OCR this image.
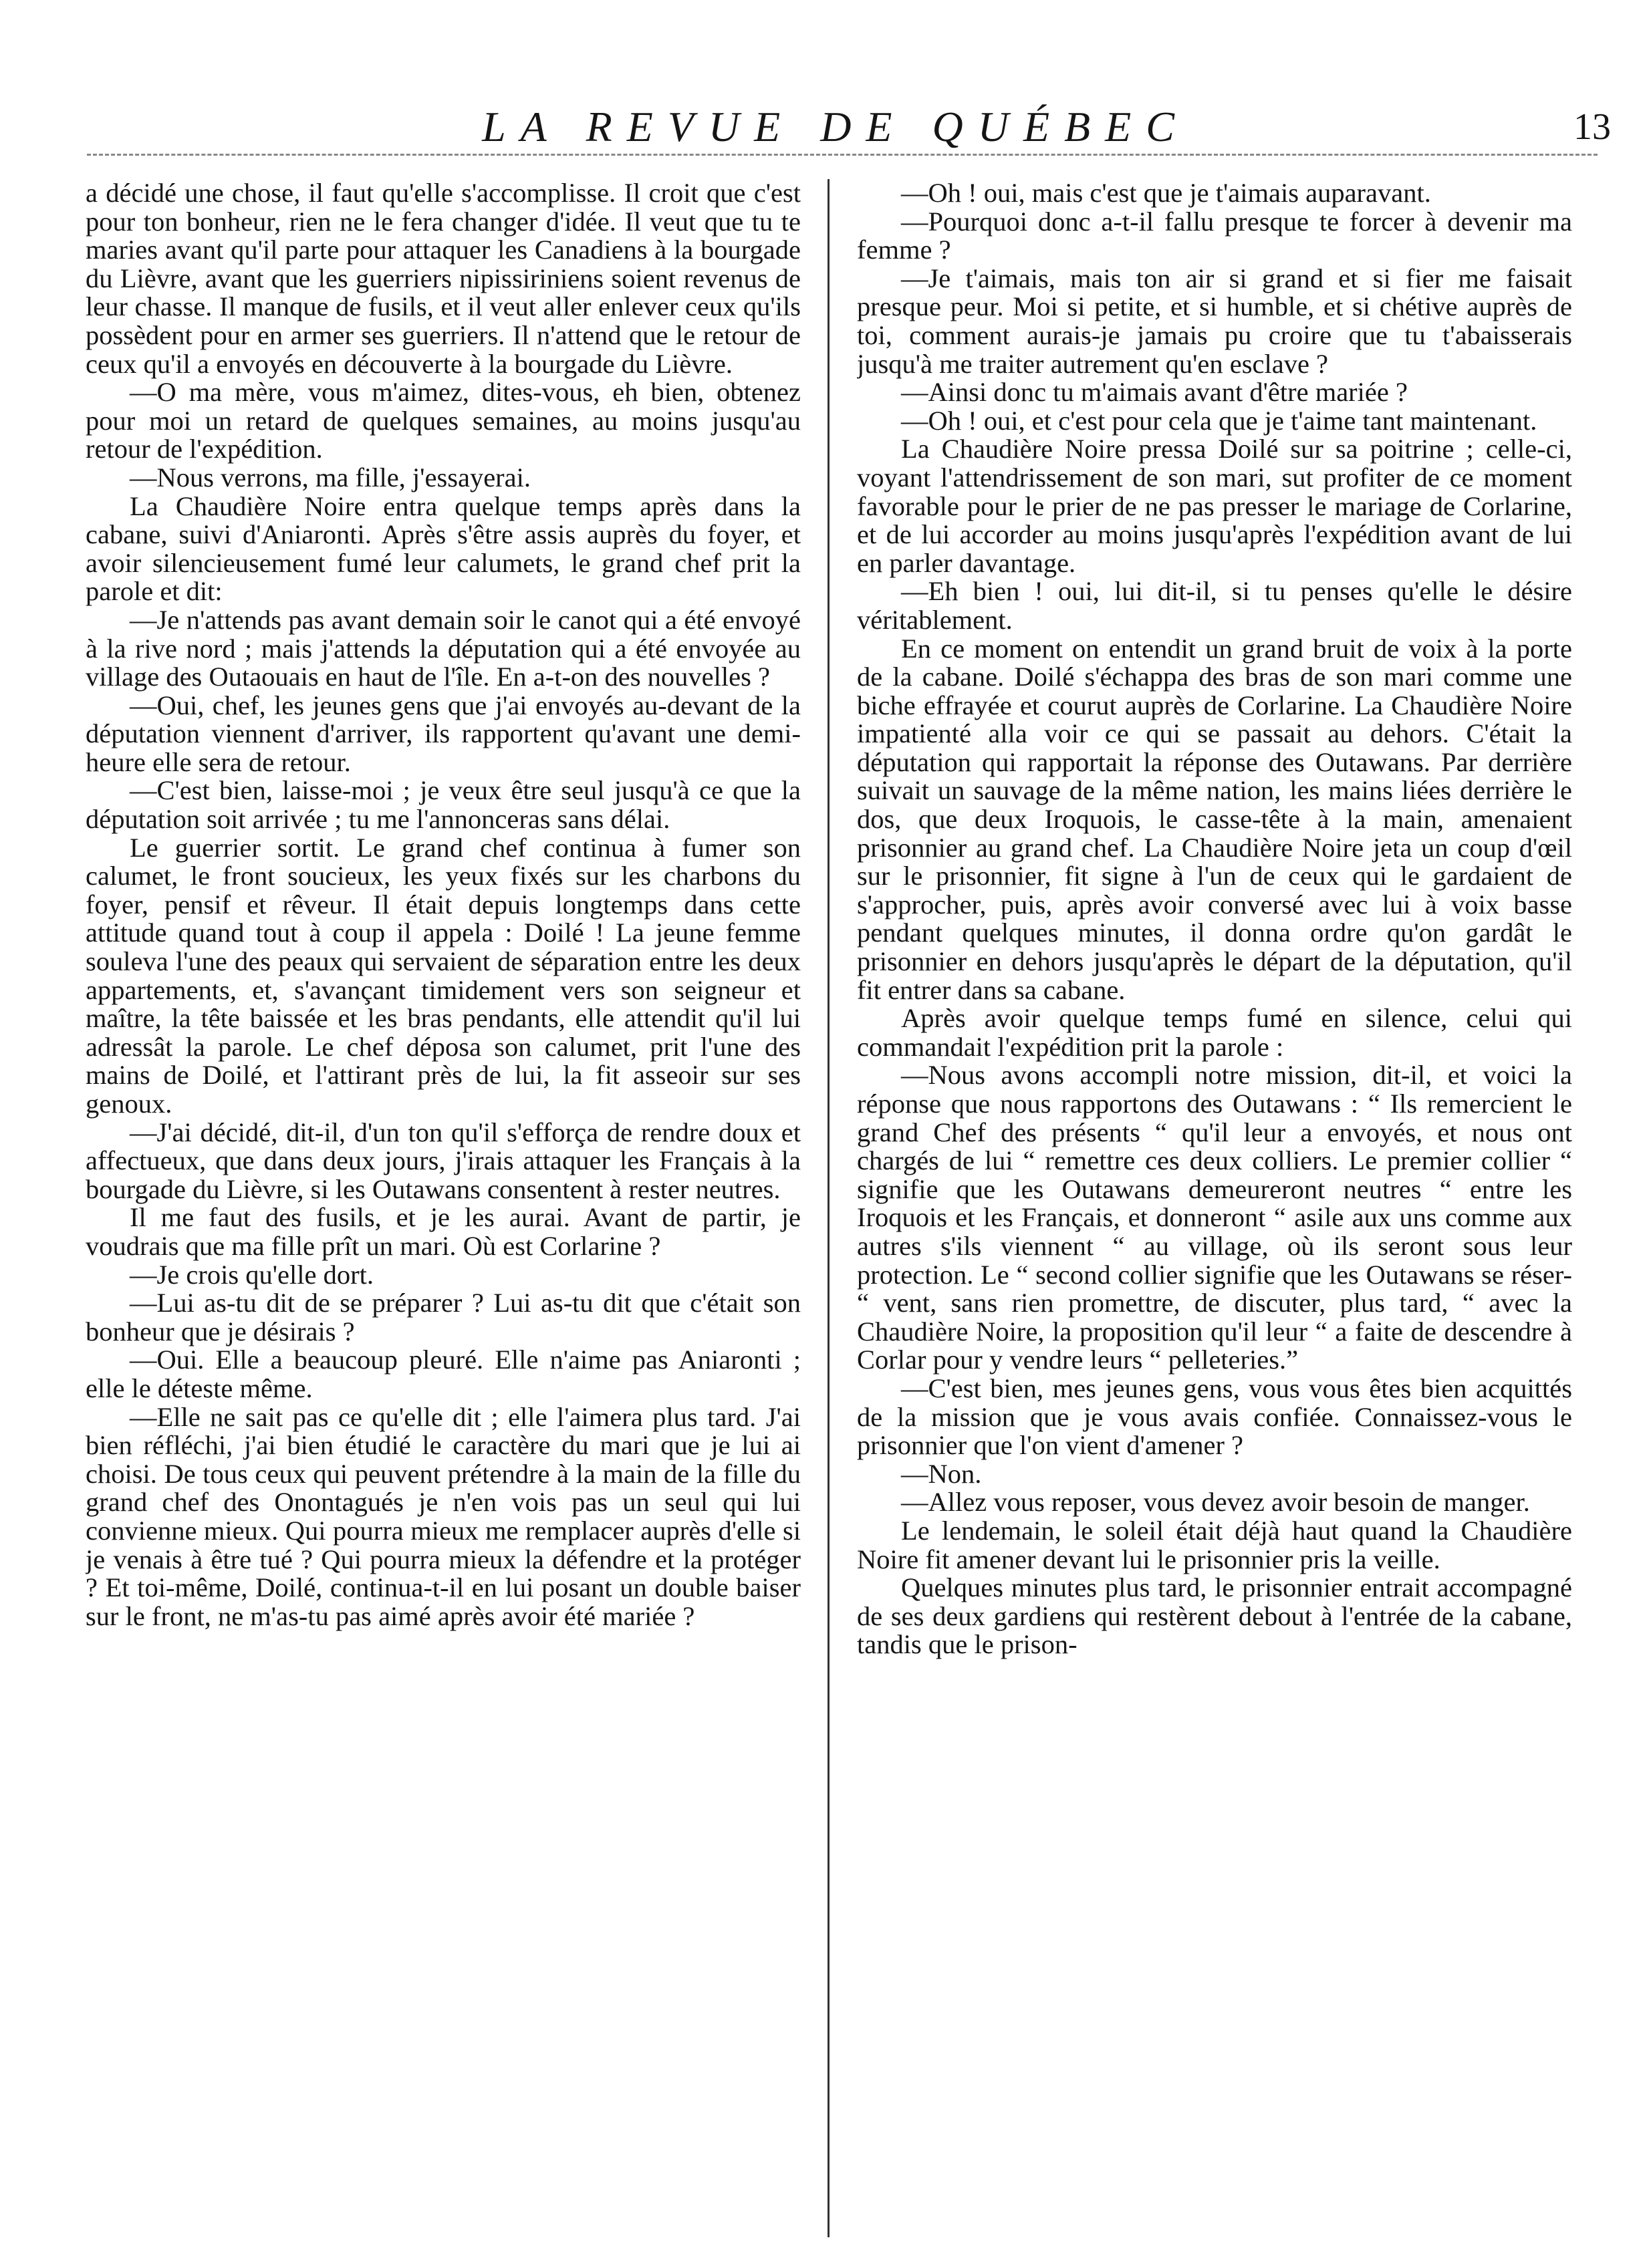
LA REVUE DE QUÉBEC	13

a décidé une chose, il faut qu'elle s'accomplisse. Il croit que c'est pour ton bonheur, rien ne le fera changer d'idée. Il veut que tu te maries avant qu'il parte pour attaquer les Canadiens à la bourgade du Lièvre, avant que les guerriers nipissiriniens soient revenus de leur chasse. Il manque de fusils, et il veut aller enlever ceux qu'ils possèdent pour en armer ses guerriers. Il n'attend que le retour de ceux qu'il a envoyés en découverte à la bourgade du Lièvre.

—O ma mère, vous m'aimez, dites-vous, eh bien, obtenez pour moi un retard de quelques semaines, au moins jusqu'au retour de l'expédition.

—Nous verrons, ma fille, j'essayerai.

La Chaudière Noire entra quelque temps après dans la cabane, suivi d'Aniaronti. Après s'être assis auprès du foyer, et avoir silencieusement fumé leur calumets, le grand chef prit la parole et dit:

—Je n'attends pas avant demain soir le canot qui a été envoyé à la rive nord ; mais j'attends la députation qui a été envoyée au village des Outaouais en haut de l'île. En a-t-on des nouvelles ?

—Oui, chef, les jeunes gens que j'ai envoyés au-devant de la députation viennent d'arriver, ils rapportent qu'avant une demi-heure elle sera de retour.

—C'est bien, laisse-moi ; je veux être seul jusqu'à ce que la députation soit arrivée ; tu me l'annonceras sans délai.

Le guerrier sortit. Le grand chef continua à fumer son calumet, le front soucieux, les yeux fixés sur les charbons du foyer, pensif et rêveur. Il était depuis longtemps dans cette attitude quand tout à coup il appela : Doilé ! La jeune femme souleva l'une des peaux qui servaient de séparation entre les deux appartements, et, s'avançant timidement vers son seigneur et maître, la tête baissée et les bras pendants, elle attendit qu'il lui adressât la parole. Le chef déposa son calumet, prit l'une des mains de Doilé, et l'attirant près de lui, la fit asseoir sur ses genoux.

—J'ai décidé, dit-il, d'un ton qu'il s'efforça de rendre doux et affectueux, que dans deux jours, j'irais attaquer les Français à la bourgade du Lièvre, si les Outawans consentent à rester neutres.

Il me faut des fusils, et je les aurai. Avant de partir, je voudrais que ma fille prît un mari. Où est Corlarine ?

—Je crois qu'elle dort.

—Lui as-tu dit de se préparer ? Lui as-tu dit que c'était son bonheur que je désirais ?

—Oui. Elle a beaucoup pleuré. Elle n'aime pas Aniaronti ; elle le déteste même.

—Elle ne sait pas ce qu'elle dit ; elle l'aimera plus tard. J'ai bien réfléchi, j'ai bien étudié le caractère du mari que je lui ai choisi. De tous ceux qui peuvent prétendre à la main de la fille du grand chef des Onontagués je n'en vois pas un seul qui lui convienne mieux. Qui pourra mieux me remplacer auprès d'elle si je venais à être tué ? Qui pourra mieux la défendre et la protéger ? Et toi-même, Doilé, continua-t-il en lui posant un double baiser sur le front, ne m'as-tu pas aimé après avoir été mariée ?

—Oh ! oui, mais c'est que je t'aimais auparavant.

—Pourquoi donc a-t-il fallu presque te forcer à devenir ma femme ?

—Je t'aimais, mais ton air si grand et si fier me faisait presque peur. Moi si petite, et si humble, et si chétive auprès de toi, comment aurais-je jamais pu croire que tu t'abaisserais jusqu'à me traiter autrement qu'en esclave ?

—Ainsi donc tu m'aimais avant d'être mariée ?

—Oh ! oui, et c'est pour cela que je t'aime tant maintenant.

La Chaudière Noire pressa Doilé sur sa poitrine ; celle-ci, voyant l'attendrissement de son mari, sut profiter de ce moment favorable pour le prier de ne pas presser le mariage de Corlarine, et de lui accorder au moins jusqu'après l'expédition avant de lui en parler davantage.

—Eh bien ! oui, lui dit-il, si tu penses qu'elle le désire véritablement.

En ce moment on entendit un grand bruit de voix à la porte de la cabane. Doilé s'échappa des bras de son mari comme une biche effrayée et courut auprès de Corlarine. La Chaudière Noire impatienté alla voir ce qui se passait au dehors. C'était la députation qui rapportait la réponse des Outawans. Par derrière suivait un sauvage de la même nation, les mains liées derrière le dos, que deux Iroquois, le casse-tête à la main, amenaient prisonnier au grand chef. La Chaudière Noire jeta un coup d'œil sur le prisonnier, fit signe à l'un de ceux qui le gardaient de s'approcher, puis, après avoir conversé avec lui à voix basse pendant quelques minutes, il donna ordre qu'on gardât le prisonnier en dehors jusqu'après le départ de la députation, qu'il fit entrer dans sa cabane.

Après avoir quelque temps fumé en silence, celui qui commandait l'expédition prit la parole :

—Nous avons accompli notre mission, dit-il, et voici la réponse que nous rapportons des Outawans : “ Ils remercient le grand Chef des présents “ qu'il leur a envoyés, et nous ont chargés de lui “ remettre ces deux colliers. Le premier collier “ signifie que les Outawans demeureront neutres “ entre les Iroquois et les Français, et donneront “ asile aux uns comme aux autres s'ils viennent “ au village, où ils seront sous leur protection. Le “ second collier signifie que les Outawans se réser- “ vent, sans rien promettre, de discuter, plus tard, “ avec la Chaudière Noire, la proposition qu'il leur “ a faite de descendre à Corlar pour y vendre leurs “ pelleteries.”

—C'est bien, mes jeunes gens, vous vous êtes bien acquittés de la mission que je vous avais confiée. Connaissez-vous le prisonnier que l'on vient d'amener ?

—Non.

—Allez vous reposer, vous devez avoir besoin de manger.

Le lendemain, le soleil était déjà haut quand la Chaudière Noire fit amener devant lui le prisonnier pris la veille.

Quelques minutes plus tard, le prisonnier entrait accompagné de ses deux gardiens qui restèrent debout à l'entrée de la cabane, tandis que le prison-
